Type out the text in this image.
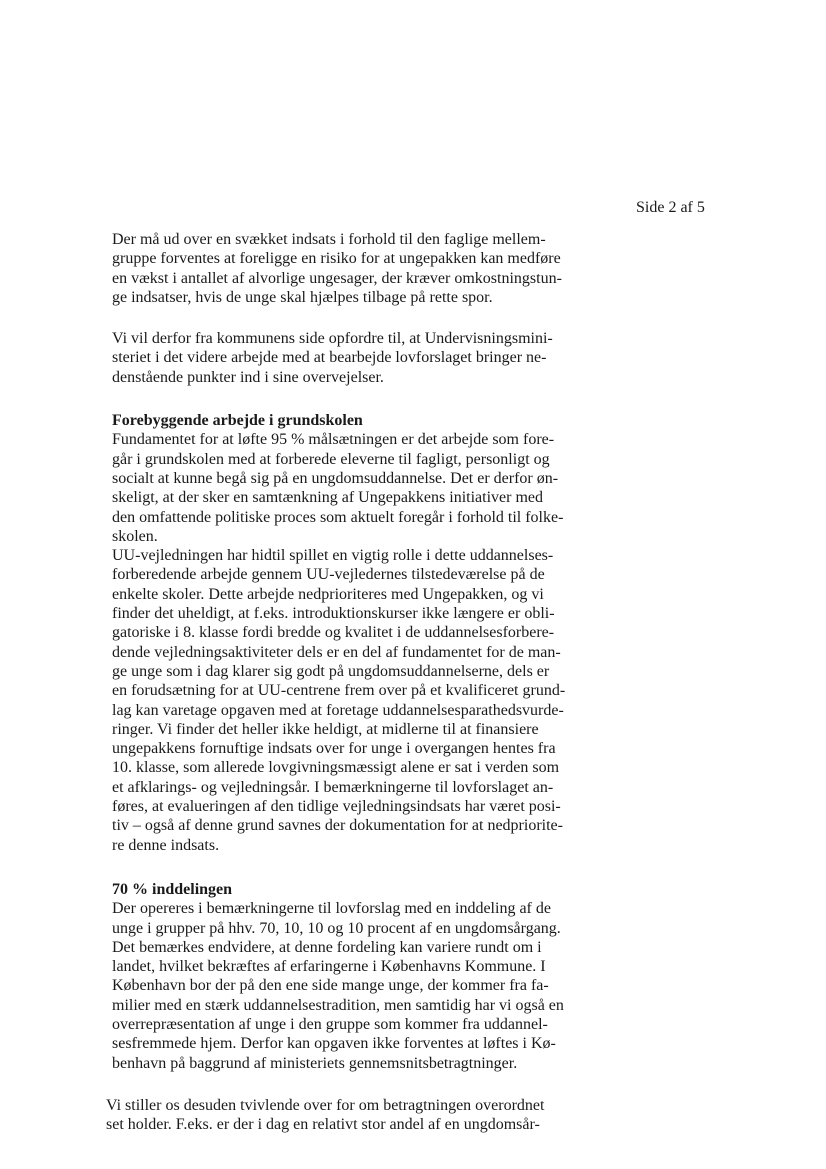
Side 2 af 5
Der må ud over en svækket indsats i forhold til den faglige mellem-
gruppe forventes at foreligge en risiko for at ungepakken kan medføre
en vækst i antallet af alvorlige ungesager, der kræver omkostningstun-
ge indsatser, hvis de unge skal hjælpes tilbage på rette spor.
Vi vil derfor fra kommunens side opfordre til, at Undervisningsmini-
steriet i det videre arbejde med at bearbejde lovforslaget bringer ne-
denstående punkter ind i sine overvejelser.
Forebyggende arbejde i grundskolen
Fundamentet for at løfte 95 % målsætningen er det arbejde som fore-
går i grundskolen med at forberede eleverne til fagligt, personligt og
socialt at kunne begå sig på en ungdomsuddannelse. Det er derfor øn-
skeligt, at der sker en samtænkning af Ungepakkens initiativer med
den omfattende politiske proces som aktuelt foregår i forhold til folke-
skolen.
UU-vejledningen har hidtil spillet en vigtig rolle i dette uddannelses-
forberedende arbejde gennem UU-vejledernes tilstedeværelse på de
enkelte skoler. Dette arbejde nedprioriteres med Ungepakken, og vi
finder det uheldigt, at f.eks. introduktionskurser ikke længere er obli-
gatoriske i 8. klasse fordi bredde og kvalitet i de uddannelsesforbere-
dende vejledningsaktiviteter dels er en del af fundamentet for de man-
ge unge som i dag klarer sig godt på ungdomsuddannelserne, dels er
en forudsætning for at UU-centrene frem over på et kvalificeret grund-
lag kan varetage opgaven med at foretage uddannelsesparathedsvurde-
ringer. Vi finder det heller ikke heldigt, at midlerne til at finansiere
ungepakkens fornuftige indsats over for unge i overgangen hentes fra
10. klasse, som allerede lovgivningsmæssigt alene er sat i verden som
et afklarings- og vejledningsår. I bemærkningerne til lovforslaget an-
føres, at evalueringen af den tidlige vejledningsindsats har været posi-
tiv – også af denne grund savnes der dokumentation for at nedpriorite-
re denne indsats.
70 % inddelingen
Der opereres i bemærkningerne til lovforslag med en inddeling af de
unge i grupper på hhv. 70, 10, 10 og 10 procent af en ungdomsårgang.
Det bemærkes endvidere, at denne fordeling kan variere rundt om i
landet, hvilket bekræftes af erfaringerne i Københavns Kommune. I
København bor der på den ene side mange unge, der kommer fra fa-
milier med en stærk uddannelsestradition, men samtidig har vi også en
overrepræsentation af unge i den gruppe som kommer fra uddannel-
sesfremmede hjem. Derfor kan opgaven ikke forventes at løftes i Kø-
benhavn på baggrund af ministeriets gennemsnitsbetragtninger.
Vi stiller os desuden tvivlende over for om betragtningen overordnet
set holder. F.eks. er der i dag en relativt stor andel af en ungdomsår-
